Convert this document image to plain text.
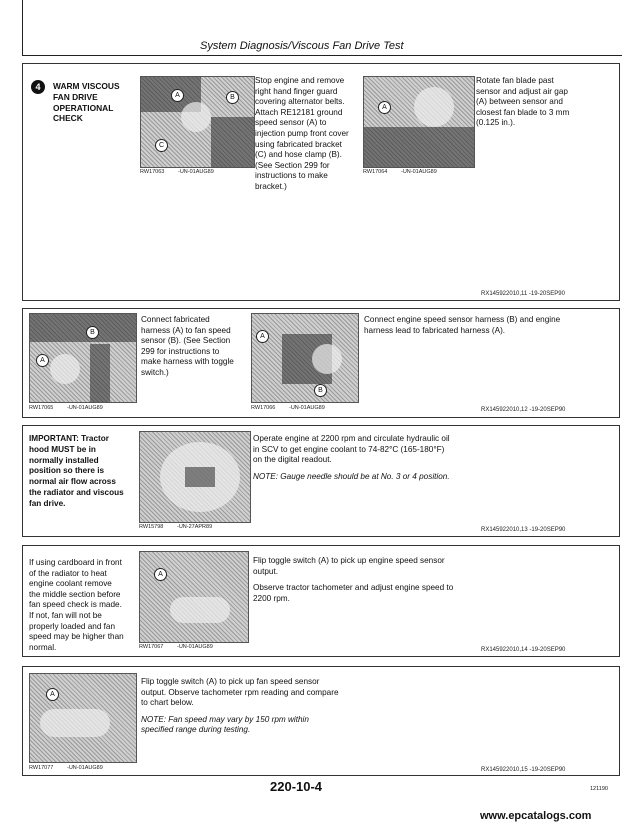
System Diagnosis/Viscous Fan Drive Test
4	WARM VISCOUS
FAN DRIVE
OPERATIONAL
CHECK
A	B
C
RW17063 -UN-01AUG89
Stop engine and remove
right hand finger guard
covering alternator belts.
Attach RE12181 ground
speed sensor (A) to
injection pump front cover
using fabricated bracket
(C) and hose clamp (B).
(See Section 299 for
instructions to make
bracket.)
A
RW17064 -UN-01AUG89
Rotate fan blade past
sensor and adjust air gap
(A) between sensor and
closest fan blade to 3 mm
(0.125 in.).
RX145922010,11 -19-20SEP90
A
B
RW17065 -UN-01AUG89
Connect fabricated
harness (A) to fan speed
sensor (B). (See Section
299 for instructions to
make harness with toggle
switch.)
A
B
RW17066 -UN-01AUG89
Connect engine speed sensor harness (B) and engine
harness lead to fabricated harness (A).
RX145922010,12 -19-20SEP90
IMPORTANT: Tractor
hood MUST be in
normally installed
position so there is
normal air flow across
the radiator and viscous
fan drive.
RW15798 -UN-27APR89
Operate engine at 2200 rpm and circulate hydraulic oil
in SCV to get engine coolant to 74-82°C (165-180°F)
on the digital readout.
NOTE: Gauge needle should be at No. 3 or 4 position.
RX145922010,13 -19-20SEP90
If using cardboard in front
of the radiator to heat
engine coolant remove
the middle section before
fan speed check is made.
If not, fan will not be
properly loaded and fan
speed may be higher than
normal.
A
RW17067 -UN-01AUG89
Flip toggle switch (A) to pick up engine speed sensor
output.
Observe tractor tachometer and adjust engine speed to
2200 rpm.
RX145922010,14 -19-20SEP90
A
RW17077 -UN-01AUG89
Flip toggle switch (A) to pick up fan speed sensor
output. Observe tachometer rpm reading and compare
to chart below.
NOTE: Fan speed may vary by 150 rpm within
specified range during testing.
RX145922010,15 -19-20SEP90
220-10-4	121190
www.epcatalogs.com
